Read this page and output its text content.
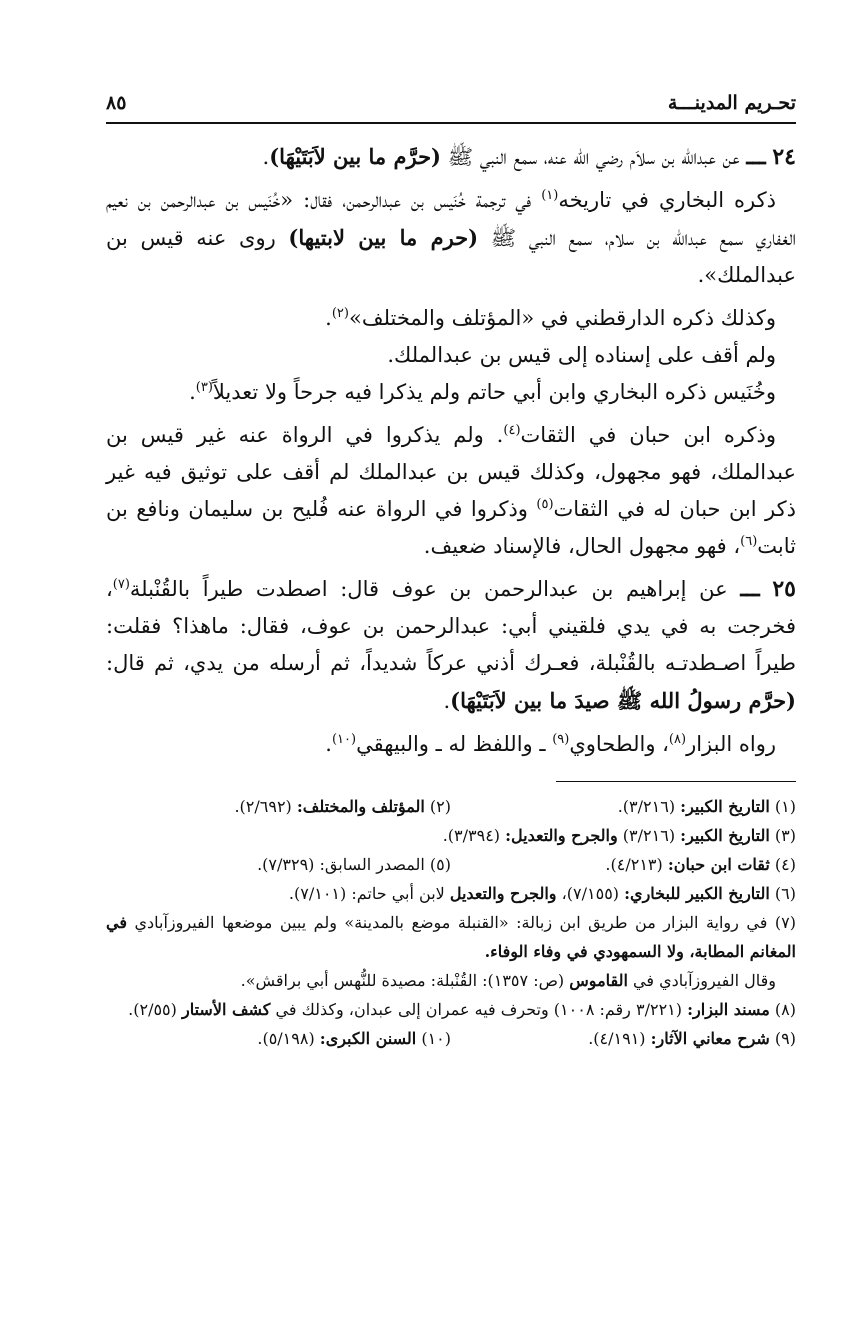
تحـريم المدينـــة
٨٥

٢٤ ـــ عن عبدالله بن سلاَم رضي الله عنه، سمع النبي ﷺ (حرَّم ما بين لاَبَتَيْهَا).

ذكره البخاري في تاريخه$^{(١)}$ في ترجمة خُنَيس بن عبدالرحمن، فقال: «خُنَيس بن عبدالرحمن بن نعيم الغفاري سمع عبدالله بن سلام، سمع النبي ﷺ (حرم ما بين لابتيها) روى عنه قيس بن عبدالملك».

وكذلك ذكره الدارقطني في «المؤتلف والمختلف»$^{(٢)}$.

ولم أقف على إسناده إلى قيس بن عبدالملك.

وخُنَيس ذكره البخاري وابن أبي حاتم ولم يذكرا فيه جرحاً ولا تعديلاً$^{(٣)}$.

وذكره ابن حبان في الثقات$^{(٤)}$. ولم يذكروا في الرواة عنه غير قيس بن عبدالملك، فهو مجهول، وكذلك قيس بن عبدالملك لم أقف على توثيق فيه غير ذكر ابن حبان له في الثقات$^{(٥)}$ وذكروا في الرواة عنه فُليح بن سليمان ونافع بن ثابت$^{(٦)}$، فهو مجهول الحال، فالإسناد ضعيف.

٢٥ ـــ عن إبراهيم بن عبدالرحمن بن عوف قال: اصطدت طيراً بالقُنْبلة$^{(٧)}$، فخرجت به في يدي فلقيني أبي: عبدالرحمن بن عوف، فقال: ماهذا؟ فقلت: طيراً اصـطدتـه بالقُنْبلة، فعـرك أذني عركاً شديداً، ثم أرسله من يدي، ثم قال: (حرَّم رسولُ الله ﷺ صيدَ ما بين لاَبَتَيْهَا).

رواه البزار$^{(٨)}$، والطحاوي$^{(٩)}$ ـ واللفظ له ـ والبيهقي$^{(١٠)}$.

(١) التاريخ الكبير: (٣/٢١٦).
(٢) المؤتلف والمختلف: (٢/٦٩٢).

(٣) التاريخ الكبير: (٣/٢١٦) والجرح والتعديل: (٣/٣٩٤).

(٤) ثقات ابن حبان: (٤/٢١٣).
(٥) المصدر السابق: (٧/٣٢٩).

(٦) التاريخ الكبير للبخاري: (٧/١٥٥)، والجرح والتعديل لابن أبي حاتم: (٧/١٠١).

(٧) في رواية البزار من طريق ابن زبالة: «القنبلة موضع بالمدينة» ولم يبين موضعها الفيروزآبادي في المغانم المطابة، ولا السمهودي في وفاء الوفاء.

وقال الفيروزآبادي في القاموس (ص: ١٣٥٧): القُنْبلة: مصيدة للنُّهس أبي براقش».

(٨) مسند البزار: (٣/٢٢١ رقم: ١٠٠٨) وتحرف فيه عمران إلى عبدان، وكذلك في كشف الأستار (٢/٥٥).

(٩) شرح معاني الآثار: (٤/١٩١).
(١٠) السنن الكبرى: (٥/١٩٨).
